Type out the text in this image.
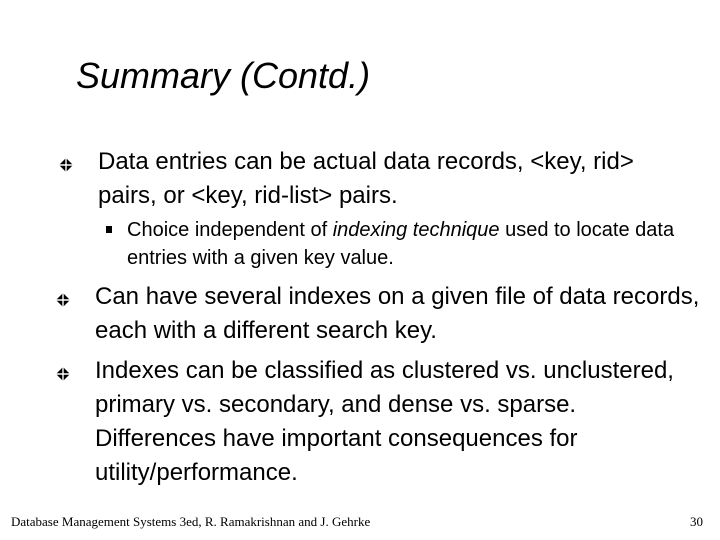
Summary (Contd.)
Data entries can be actual data records, <key, rid> pairs, or <key, rid-list> pairs.
Choice independent of indexing technique used to locate data entries with a given key value.
Can have several indexes on a given file of data records, each with a different search key.
Indexes can be classified as clustered vs. unclustered, primary vs. secondary, and dense vs. sparse. Differences have important consequences for utility/performance.
Database Management Systems 3ed, R. Ramakrishnan and J. Gehrke	30
